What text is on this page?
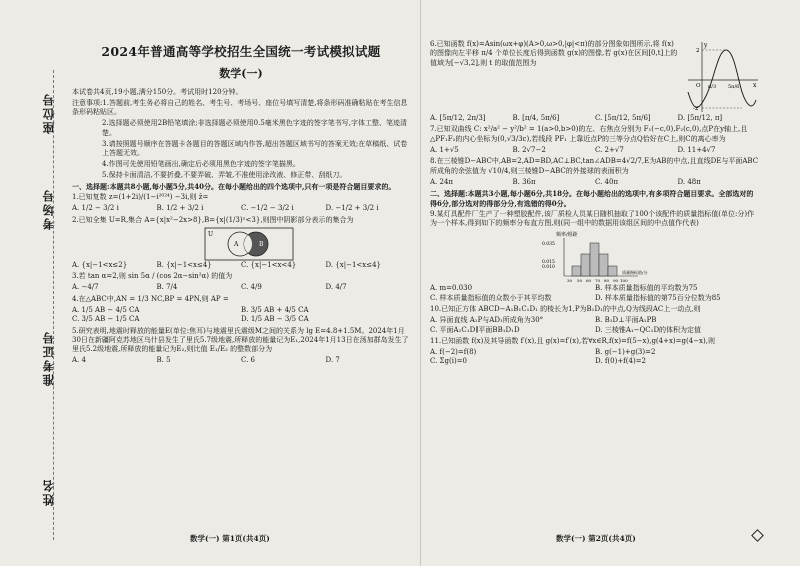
座位号
考场号
准考证号
姓名
2024年普通高等学校招生全国统一考试模拟试题
数学(一)

本试卷共4页,19小题,满分150分。考试用时120分钟。

注意事项:1.答题前,考生务必将自己的姓名、考生号、考场号、座位号填写清楚,将条形码准确粘贴在考生信息条形码粘贴区。

2.选择题必须使用2B铅笔填涂;非选择题必须使用0.5毫米黑色字迹的签字笔书写,字体工整、笔迹清楚。

3.请按照题号顺序在答题卡各题目的答题区域内作答,超出答题区域书写的答案无效;在草稿纸、试卷上答题无效。

4.作图可先使用铅笔画出,确定后必须用黑色字迹的签字笔描黑。

5.保持卡面清洁,不要折叠,不要弄破、弄皱,不准使用涂改液、修正带、刮纸刀。

一、选择题:本题共8小题,每小题5分,共40分。在每小题给出的四个选项中,只有一项是符合题目要求的。

1.已知复数 z=(1+2i)/(1−i²⁰²⁴) −3i,则 z̄=

A. 1/2 − 3/2 i	B. 1/2 + 3/2 i	C. −1/2 − 3/2 i	D. −1/2 + 3/2 i

2.已知全集 U=R,集合 A={x|x²−2x>8},B={x|(1/3)ˣ<3},则图中阴影部分表示的集合为

U
A	B
A. {x|−1<x≤2}	B. {x|−1<x≤4}	C. {x|−1<x<4}	D. {x|−1<x≤4}

3.若 tan α=2,则 sin 5α / (cos 2α−sin²α) 的值为

A. −4/7	B. 7/4	C. 4/9	D. 4/7

4.在△ABC中,AN = 1/3 NC,BP = 4PN,则 AP =

A. 1/5 AB − 4/5 CA	B. 3/5 AB + 4/5 CA
C. 3/5 AB − 1/5 CA	D. 1/5 AB − 3/5 CA

5.研究表明,地震时释放的能量E(单位:焦耳)与地震里氏震级M之间的关系为 lg E=4.8+1.5M。2024年1月30日在新疆阿克苏地区乌什县发生了里氏5.7级地震,所释放的能量记为E₁,2024年1月13日在汤加群岛发生了里氏5.2级地震,所释放的能量记为E₂,则比值 E₁/E₂ 的整数部分为

A. 4	B. 5	C. 6	D. 7
数学(一) 第1页(共4页)

6.已知函数 f(x)=Asin(ωx+φ)(A>0,ω>0,|φ|<π)的部分图象如图所示,将 f(x)的图像向左平移 π/4 个单位长度后得到函数 g(x)的图像,若 g(x)在区间[0,t]上的值域为[−√3,2],则 t 的取值范围为

y
x
O
2
-2
π/3 5π/6
A. [5π/12, 2π/3]	B. [π/4, 5π/6]	C. [5π/12, 5π/6]	D. [5π/12, π]

7.已知双曲线 C: x²/a² − y²/b² = 1(a>0,b>0)的左、右焦点分别为 F₁(−c,0),F₂(c,0),点P在y轴上,且△PF₁F₂的内心坐标为(0,√3/3c),若线段 PF₁ 上靠近点P的三等分点Q恰好在C上,则C的离心率为

A. 1+√5	B. 2√7−2	C. 2+√7	D. 11+4√7

8.在三棱锥D−ABC中,AB=2,AD=BD,AC⊥BC,tan∠ADB=4√2/7,E为AB的中点,且直线DE与平面ABC所成角的余弦值为 √10/4,则三棱锥D−ABC的外接球的表面积为

A. 24π	B. 36π	C. 40π	D. 48π

二、选择题:本题共3小题,每小题6分,共18分。在每小题给出的选项中,有多项符合题目要求。全部选对的得6分,部分选对的得部分分,有选错的得0分。

9.某灯具配件厂生产了一种塑胶配件,该厂质检人员某日随机抽取了100个该配件的质量指标值(单位:分)作为一个样本,得到如下的频率分布直方图,则(同一组中的数据用该组区间的中点值作代表)

频率/组距
0.035
0.015
0.010
30 50 60 70 80 90 100
质量指标值/分
A. m=0.030	B. 样本质量指标值的平均数为75
C. 样本质量指标值的众数小于其平均数	D. 样本质量指标值的第75百分位数为85

10.已知正方体 ABCD−A₁B₁C₁D₁ 的棱长为1,P为B₁D₁的中点,Q为线段AC上一动点,则

A. 异面直线 A₁P与AD₁所成角为30°	B. B₁D⊥平面A₁PB
C. 平面A₁C₁D∥平面BB₁D₁D	D. 三棱锥A₁−QC₁D的体积为定值

11.已知函数 f(x)及其导函数 f′(x),且 g(x)=f′(x),若∀x∈R,f(x)=f(5−x),g(4+x)=g(4−x),则

A. f(−2)=f(8)	B. g(−1)+g(3)=2
C. Σg(i)=0	D. f(0)+f(4)=2
数学(一) 第2页(共4页)
